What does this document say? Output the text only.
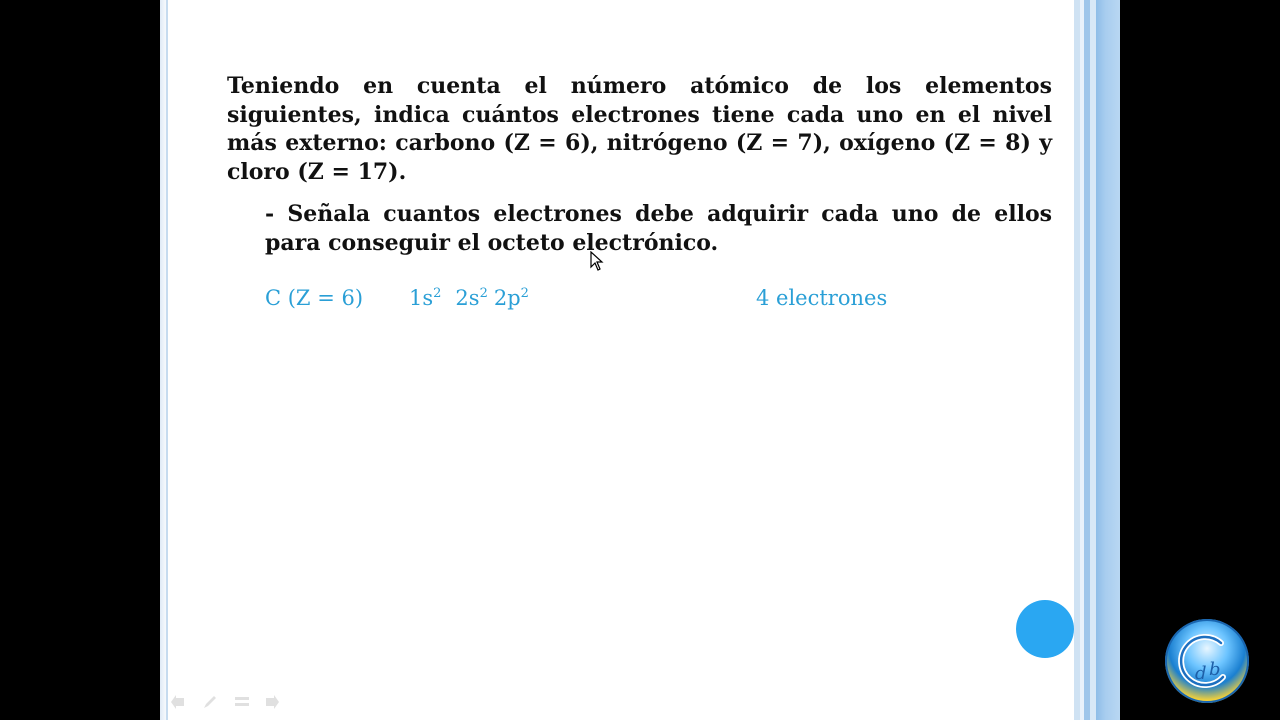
Teniendo en cuenta el número atómico de los elementos siguientes, indica cuántos electrones tiene cada uno en el nivel más externo: carbono (Z = 6), nitrógeno (Z = 7), oxígeno (Z = 8) y cloro (Z = 17).

- Señala cuantos electrones debe adquirir cada uno de ellos para conseguir el octeto electrónico.

C (Z = 6) $1s^2$ $2s^2$ $2p^2$	4 electrones
d b
